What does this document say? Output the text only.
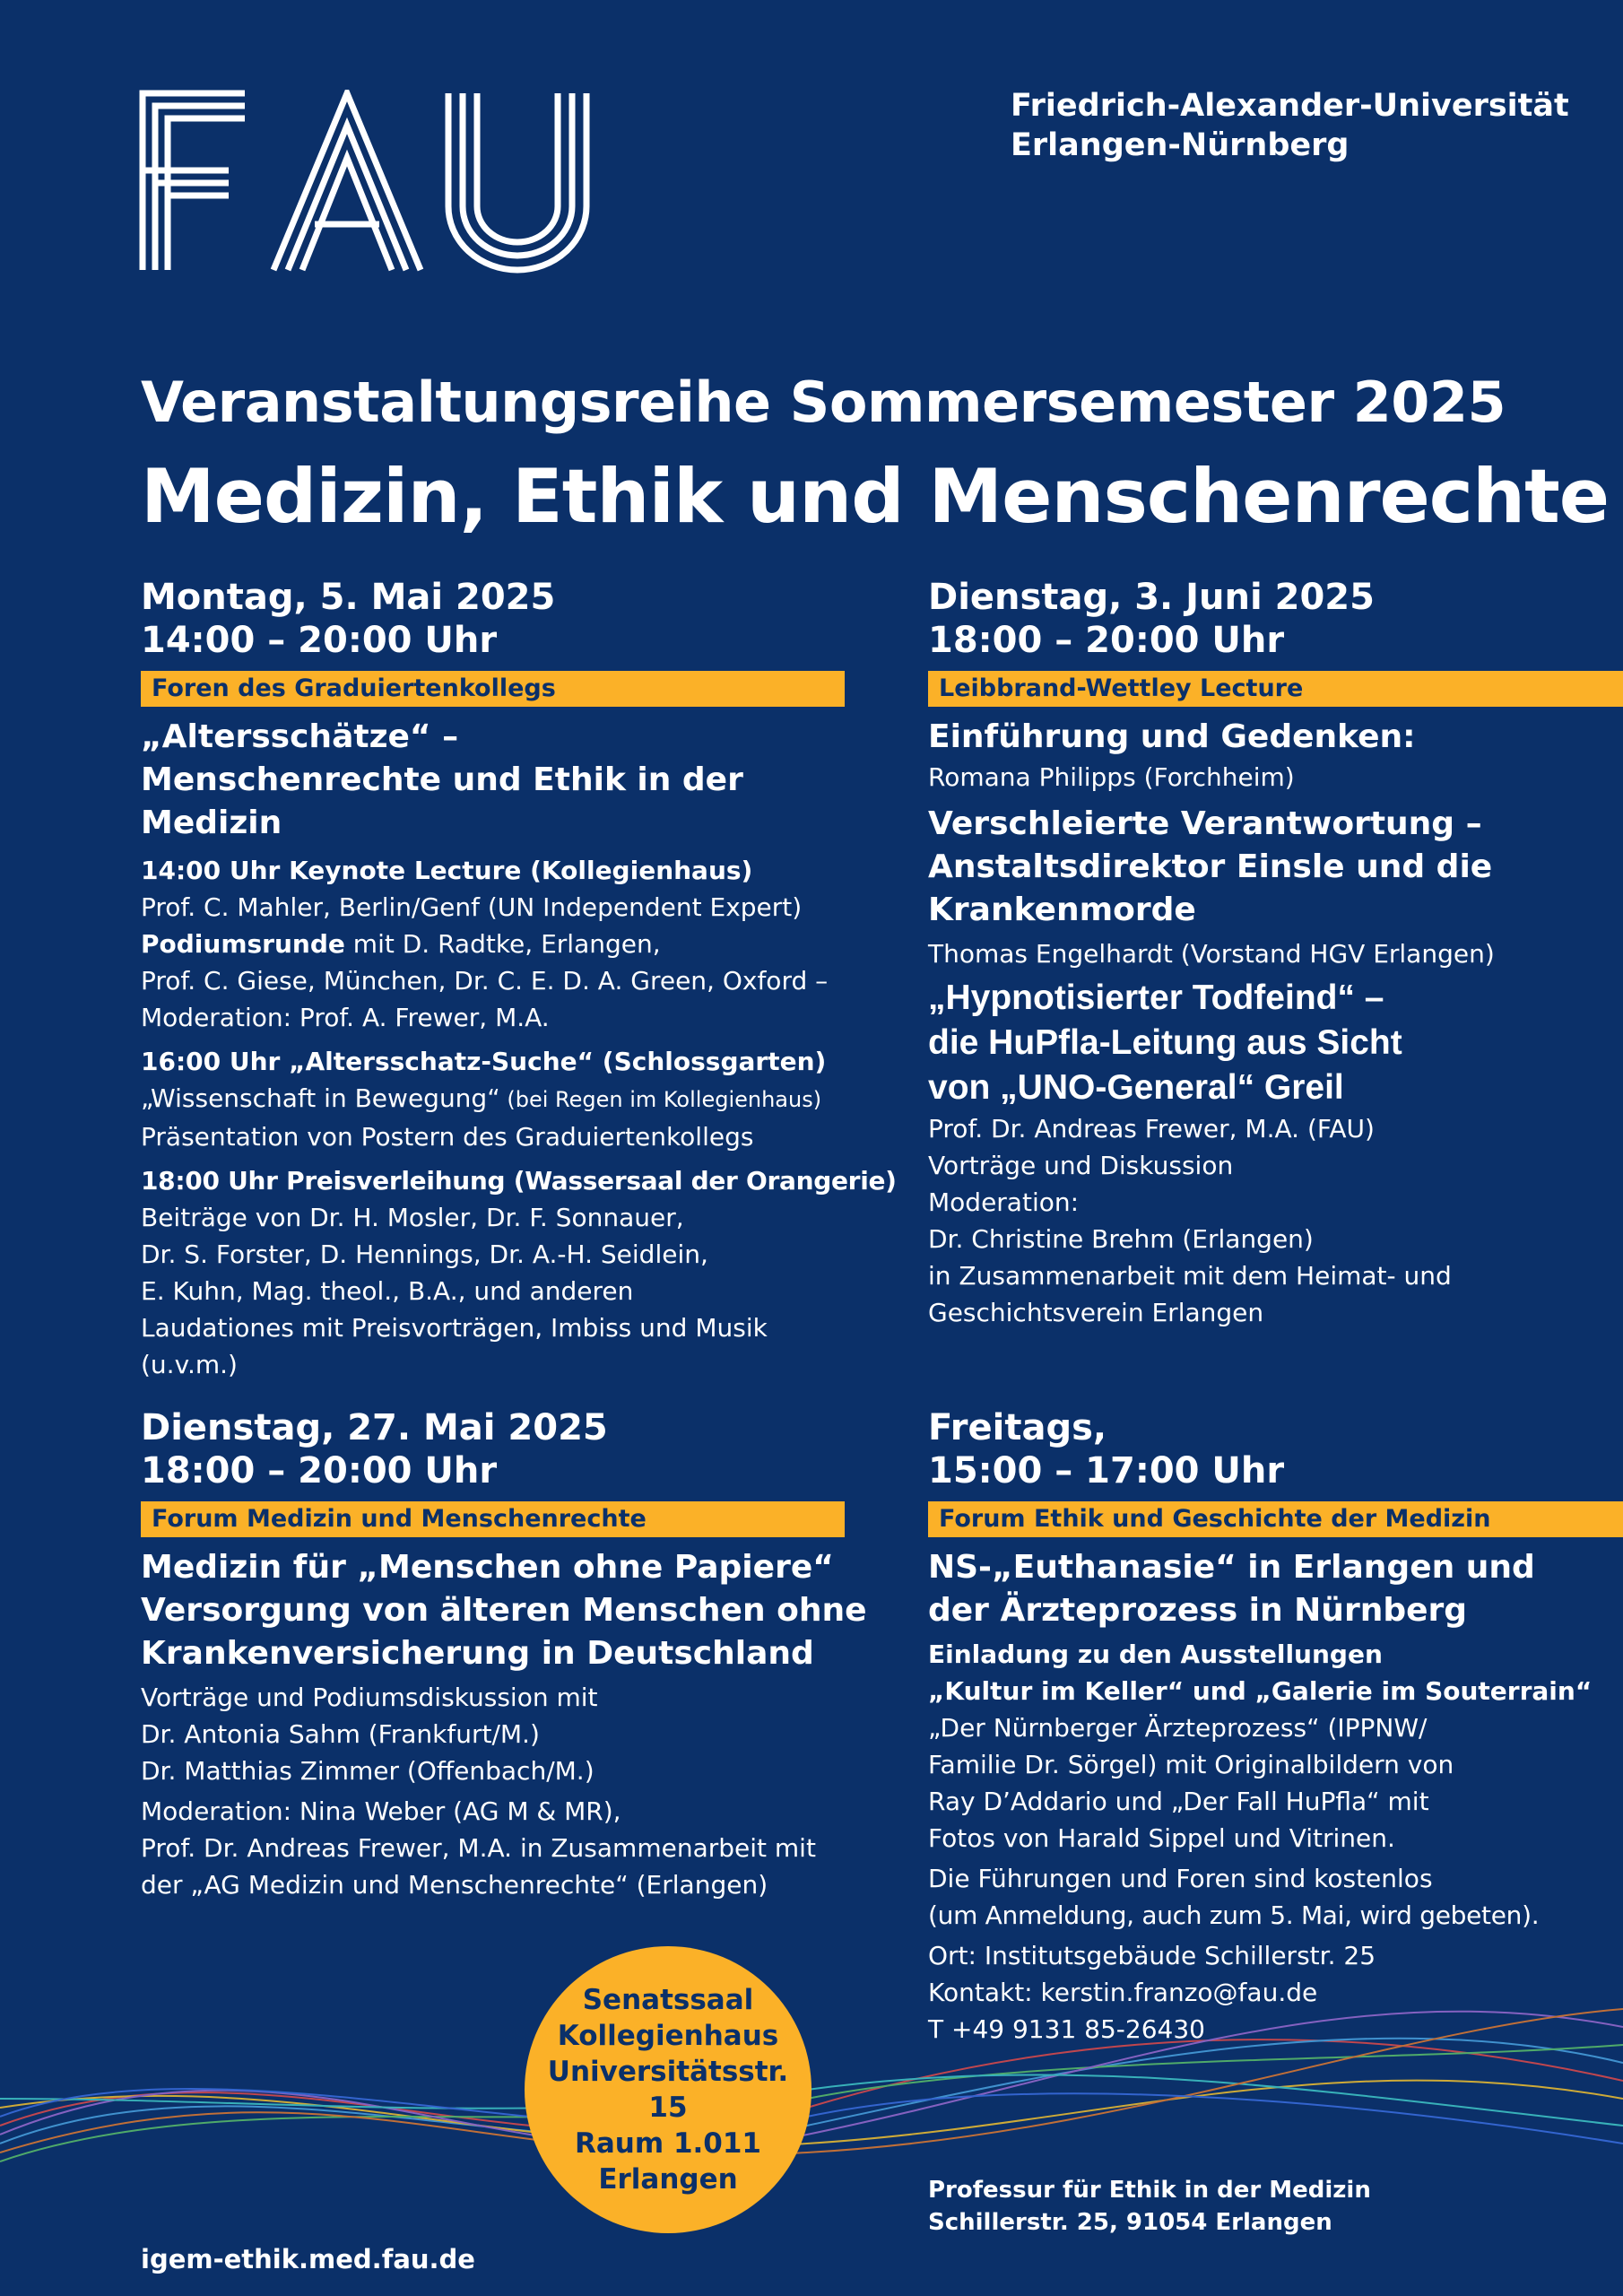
FAU	Friedrich-Alexander-Universität
Erlangen-Nürnberg
Veranstaltungsreihe Sommersemester 2025
Medizin, Ethik und Menschenrechte
Montag, 5. Mai 2025
14:00 – 20:00 Uhr
Foren des Graduiertenkollegs
„Altersschätze“ –
Menschenrechte und Ethik in der Medizin
14:00 Uhr Keynote Lecture (Kollegienhaus)
Prof. C. Mahler, Berlin/Genf (UN Independent Expert)
Podiumsrunde mit D. Radtke, Erlangen,
Prof. C. Giese, München, Dr. C. E. D. A. Green, Oxford –
Moderation: Prof. A. Frewer, M.A.
16:00 Uhr „Altersschatz-Suche“ (Schlossgarten)
„Wissenschaft in Bewegung“ (bei Regen im Kollegienhaus)
Präsentation von Postern des Graduiertenkollegs
18:00 Uhr Preisverleihung (Wassersaal der Orangerie)
Beiträge von Dr. H. Mosler, Dr. F. Sonnauer,
Dr. S. Forster, D. Hennings, Dr. A.-H. Seidlein,
E. Kuhn, Mag. theol., B.A., und anderen
Laudationes mit Preisvorträgen, Imbiss und Musik
(u.v.m.)
Dienstag, 3. Juni 2025
18:00 – 20:00 Uhr
Leibbrand-Wettley Lecture
Einführung und Gedenken:
Romana Philipps (Forchheim)
Verschleierte Verantwortung –
Anstaltsdirektor Einsle und die
Krankenmorde
Thomas Engelhardt (Vorstand HGV Erlangen)
„Hypnotisierter Todfeind“ –
die HuPfla-Leitung aus Sicht
von „UNO-General“ Greil
Prof. Dr. Andreas Frewer, M.A. (FAU)
Vorträge und Diskussion
Moderation:
Dr. Christine Brehm (Erlangen)
in Zusammenarbeit mit dem Heimat- und
Geschichtsverein Erlangen
Dienstag, 27. Mai 2025
18:00 – 20:00 Uhr
Forum Medizin und Menschenrechte
Medizin für „Menschen ohne Papiere“
Versorgung von älteren Menschen ohne
Krankenversicherung in Deutschland
Vorträge und Podiumsdiskussion mit
Dr. Antonia Sahm (Frankfurt/M.)
Dr. Matthias Zimmer (Offenbach/M.)
Moderation: Nina Weber (AG M & MR),
Prof. Dr. Andreas Frewer, M.A. in Zusammenarbeit mit
der „AG Medizin und Menschenrechte“ (Erlangen)
Freitags,
15:00 – 17:00 Uhr
Forum Ethik und Geschichte der Medizin
NS-„Euthanasie“ in Erlangen und
der Ärzteprozess in Nürnberg
Einladung zu den Ausstellungen
„Kultur im Keller“ und „Galerie im Souterrain“
„Der Nürnberger Ärzteprozess“ (IPPNW/
Familie Dr. Sörgel) mit Originalbildern von
Ray D’Addario und „Der Fall HuPfla“ mit
Fotos von Harald Sippel und Vitrinen.
Die Führungen und Foren sind kostenlos
(um Anmeldung, auch zum 5. Mai, wird gebeten).
Ort: Institutsgebäude Schillerstr. 25
Kontakt: kerstin.franzo@fau.de
T +49 9131 85-26430
Senatssaal
Kollegienhaus
Universitätsstr. 15
Raum 1.011
Erlangen
igem-ethik.med.fau.de
Professur für Ethik in der Medizin
Schillerstr. 25, 91054 Erlangen
